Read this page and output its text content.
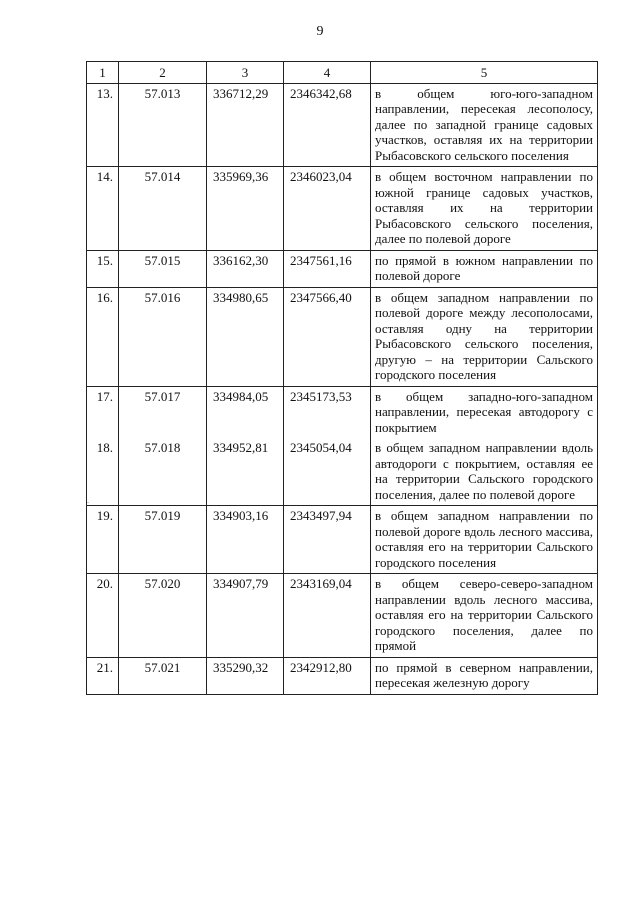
9
.
1	2	3	4	5
13.	57.013	336712,29	2346342,68	в общем юго-юго-западном направлении, пересекая лесополосу, далее по западной границе садовых участков, оставляя их на территории Рыбасовского сельского поселения
14.	57.014	335969,36	2346023,04	в общем восточном направлении по южной границе садовых участков, оставляя их на территории Рыбасовского сельского поселения, далее по полевой дороге
15.	57.015	336162,30	2347561,16	по прямой в южном направлении по полевой дороге
16.	57.016	334980,65	2347566,40	в общем западном направлении по полевой дороге между лесополосами, оставляя одну на территории Рыбасовского сельского поселения, другую – на территории Сальского городского поселения
17.	57.017	334984,05	2345173,53	в общем западно-юго-западном направлении, пересекая автодорогу с покрытием
18.	57.018	334952,81	2345054,04	в общем западном направлении вдоль автодороги с покрытием, оставляя ее на территории Сальского городского поселения, далее по полевой дороге
19.	57.019	334903,16	2343497,94	в общем западном направлении по полевой дороге вдоль лесного массива, оставляя его на территории Сальского городского поселения
20.	57.020	334907,79	2343169,04	в общем северо-северо-западном направлении вдоль лесного массива, оставляя его на территории Сальского городского поселения, далее по прямой
21.	57.021	335290,32	2342912,80	по прямой в северном направлении, пересекая железную дорогу
